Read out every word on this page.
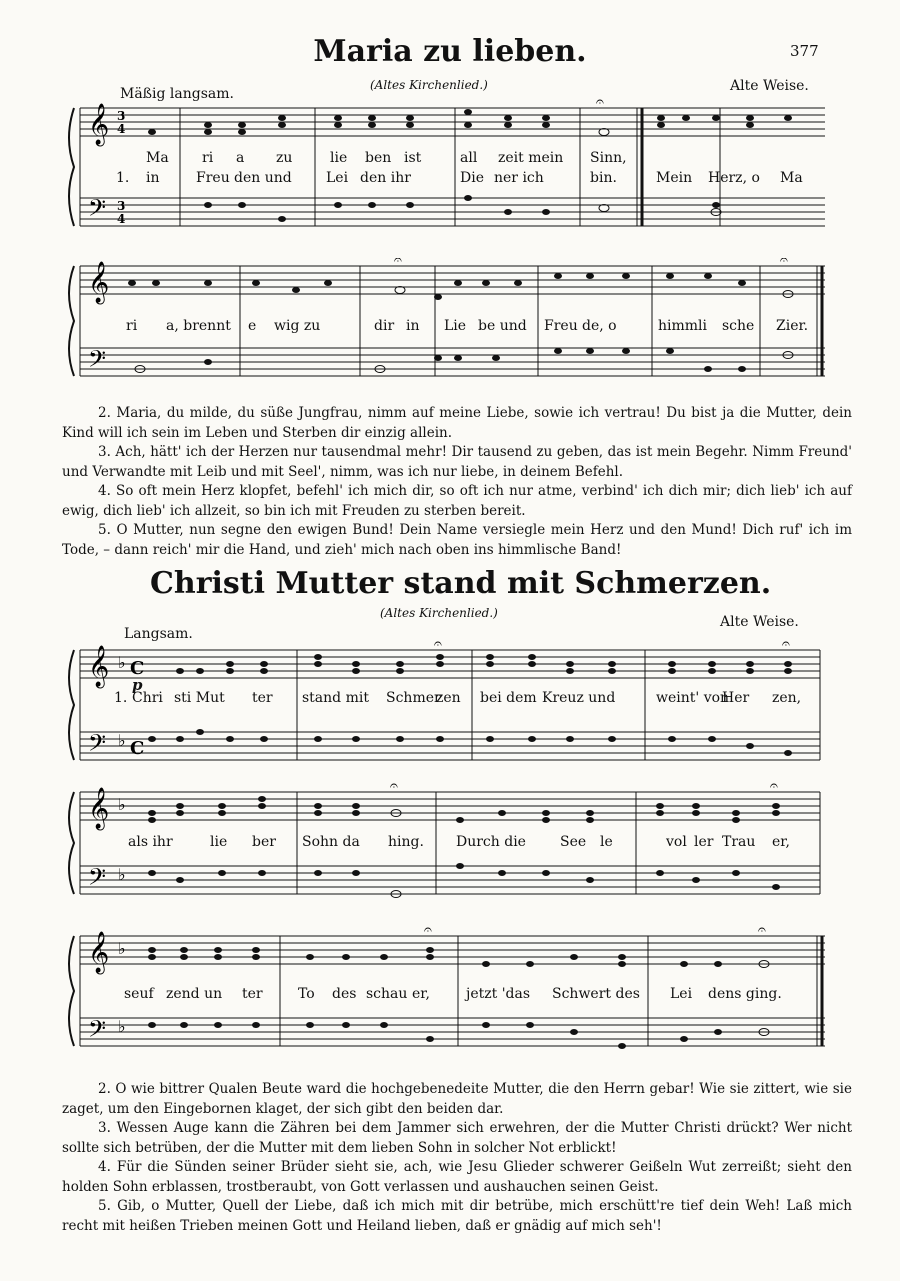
377
Maria zu lieben.
(Altes Kirchenlied.)	Alte Weise.
Mäßig langsam.
𝄞
𝄢
3
4
3
4
𝄐
Ma ri a zu	lie ben ist	all zeit mein Sinn,
1. in	Freu den und Lei den ihr	Die ner ich	bin.	Mein Herz, o Ma
𝄞
𝄢
𝄐	𝄐
ri a, brennt e wig zu	dir in Lie be und Freu de, o	himm li sche Zier.

2. Maria, du milde, du süße Jungfrau, nimm auf meine Liebe, sowie ich vertrau! Du bist ja die Mutter, dein Kind will ich sein im Leben und Sterben dir einzig allein.

3. Ach, hätt' ich der Herzen nur tausendmal mehr! Dir tausend zu geben, das ist mein Begehr. Nimm Freund' und Verwandte mit Leib und mit Seel', nimm, was ich nur liebe, in deinem Befehl.

4. So oft mein Herz klopfet, befehl' ich mich dir, so oft ich nur atme, verbind' ich dich mir; dich lieb' ich auf ewig, dich lieb' ich allzeit, so bin ich mit Freuden zu sterben bereit.

5. O Mutter, nun segne den ewigen Bund! Dein Name versiegle mein Herz und den Mund! Dich ruf' ich im Tode, – dann reich' mir die Hand, und zieh' mich nach oben ins himmlische Band!

Christi Mutter stand mit Schmerzen.
(Altes Kirchenlied.)
Alte Weise.
Langsam.
𝄞
𝄢
♭
♭
C
C
𝄐	𝄐
p
1. Chri sti Mut ter stand mit Schmer
zen bei dem Kreuz und	weint' von
Her zen,
𝄞
𝄢
♭
♭
𝄐	𝄐
als ihr	lie ber Sohn da hing. Durch die See le	vol ler Trau er,
𝄞
𝄢
♭
♭
𝄐	𝄐
seuf zend un ter	To des schau er,	jetzt 'das Schwert des Lei dens ging.

2. O wie bittrer Qualen Beute ward die hochgebenedeite Mutter, die den Herrn gebar! Wie sie zittert, wie sie zaget, um den Eingebornen klaget, der sich gibt den beiden dar.

3. Wessen Auge kann die Zähren bei dem Jammer sich erwehren, der die Mutter Christi drückt? Wer nicht sollte sich betrüben, der die Mutter mit dem lieben Sohn in solcher Not erblickt!

4. Für die Sünden seiner Brüder sieht sie, ach, wie Jesu Glieder schwerer Geißeln Wut zerreißt; sieht den holden Sohn erblassen, trostberaubt, von Gott verlassen und aushauchen seinen Geist.

5. Gib, o Mutter, Quell der Liebe, daß ich mich mit dir betrübe, mich erschütt're tief dein Weh! Laß mich recht mit heißen Trieben meinen Gott und Heiland lieben, daß er gnädig auf mich seh'!
